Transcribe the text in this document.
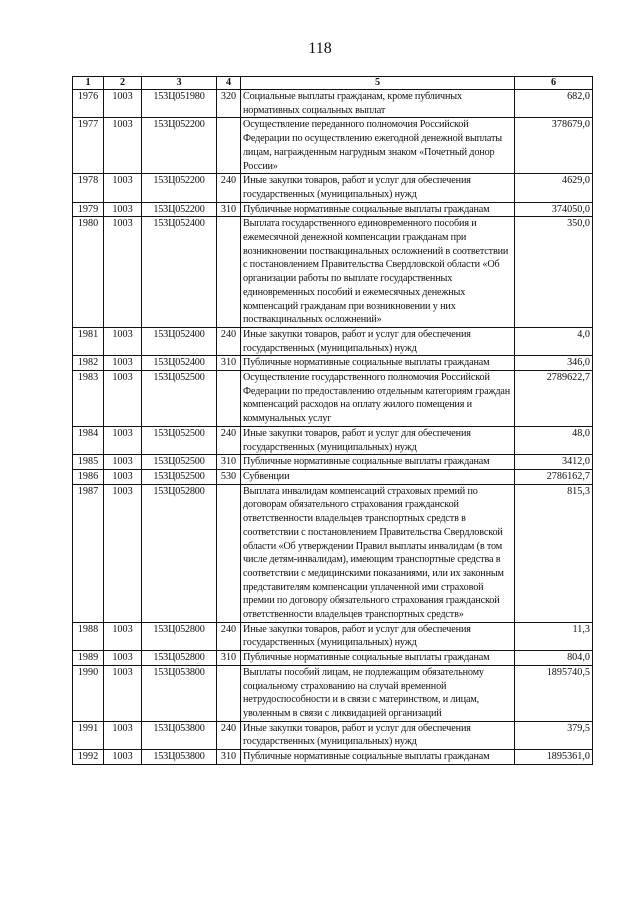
118
1	2	3	4	5	6
1976	1003	153Ц051980	320	Социальные выплаты гражданам, кроме публичных нормативных социальных выплат	682,0
1977	1003	153Ц052200		Осуществление переданного полномочия Российской Федерации по осуществлению ежегодной денежной выплаты лицам, награжденным нагрудным знаком «Почетный донор России»	378679,0
1978	1003	153Ц052200	240	Иные закупки товаров, работ и услуг для обеспечения государственных (муниципальных) нужд	4629,0
1979	1003	153Ц052200	310	Публичные нормативные социальные выплаты гражданам	374050,0
1980	1003	153Ц052400		Выплата государственного единовременного пособия и ежемесячной денежной компенсации гражданам при возникновении поствакцинальных осложнений в соответствии с постановлением Правительства Свердловской области «Об организации работы по выплате государственных единовременных пособий и ежемесячных денежных компенсаций гражданам при возникновении у них поствакцинальных осложнений»	350,0
1981	1003	153Ц052400	240	Иные закупки товаров, работ и услуг для обеспечения государственных (муниципальных) нужд	4,0
1982	1003	153Ц052400	310	Публичные нормативные социальные выплаты гражданам	346,0
1983	1003	153Ц052500		Осуществление государственного полномочия Российской Федерации по предоставлению отдельным категориям граждан компенсаций расходов на оплату жилого помещения и коммунальных услуг	2789622,7
1984	1003	153Ц052500	240	Иные закупки товаров, работ и услуг для обеспечения государственных (муниципальных) нужд	48,0
1985	1003	153Ц052500	310	Публичные нормативные социальные выплаты гражданам	3412,0
1986	1003	153Ц052500	530	Субвенции	2786162,7
1987	1003	153Ц052800		Выплата инвалидам компенсаций страховых премий по договорам обязательного страхования гражданской ответственности владельцев транспортных средств в соответствии с постановлением Правительства Свердловской области «Об утверждении Правил выплаты инвалидам (в том числе детям-инвалидам), имеющим транспортные средства в соответствии с медицинскими показаниями, или их законным представителям компенсации уплаченной ими страховой премии по договору обязательного страхования гражданской ответственности владельцев транспортных средств»	815,3
1988	1003	153Ц052800	240	Иные закупки товаров, работ и услуг для обеспечения государственных (муниципальных) нужд	11,3
1989	1003	153Ц052800	310	Публичные нормативные социальные выплаты гражданам	804,0
1990	1003	153Ц053800		Выплаты пособий лицам, не подлежащим обязательному социальному страхованию на случай временной нетрудоспособности и в связи с материнством, и лицам, уволенным в связи с ликвидацией организаций	1895740,5
1991	1003	153Ц053800	240	Иные закупки товаров, работ и услуг для обеспечения государственных (муниципальных) нужд	379,5
1992	1003	153Ц053800	310	Публичные нормативные социальные выплаты гражданам	1895361,0
